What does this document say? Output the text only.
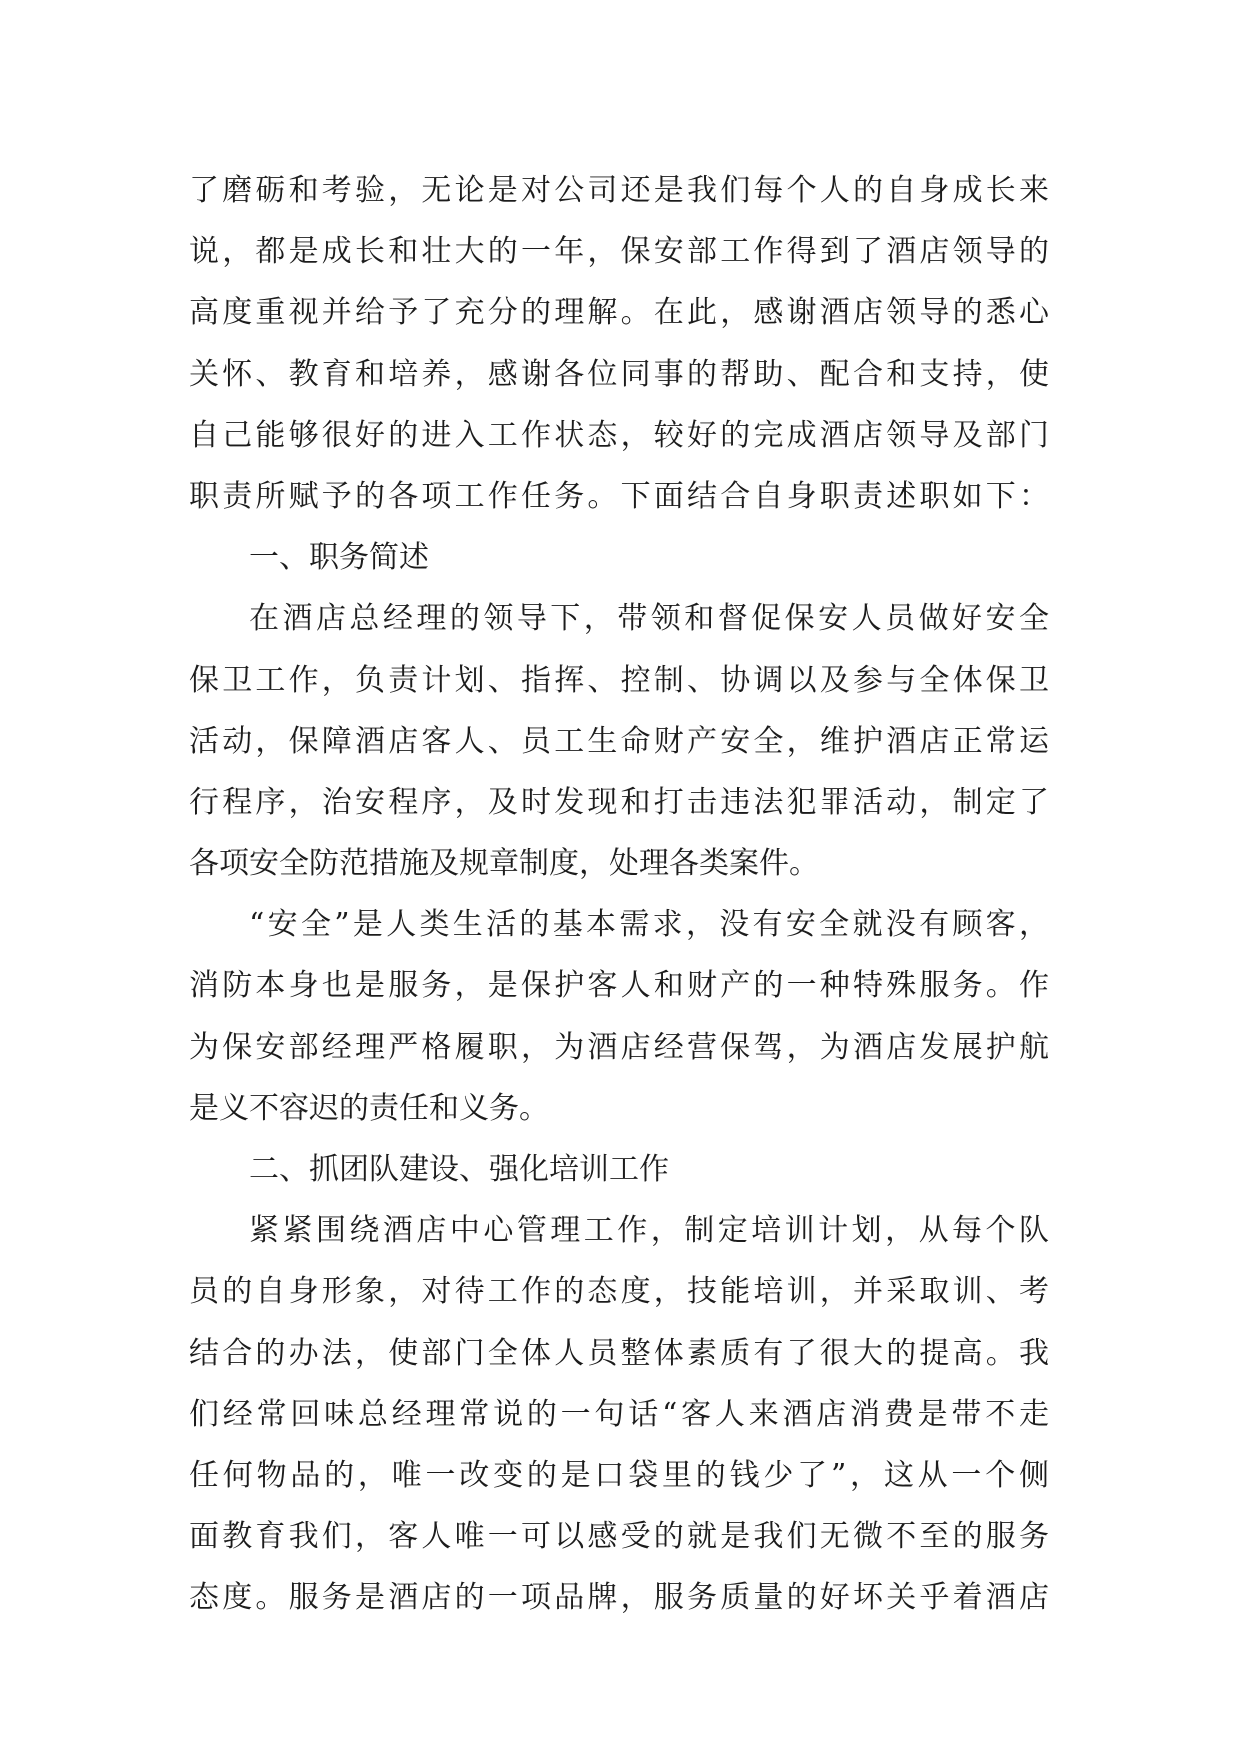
了磨砺和考验，无论是对公司还是我们每个人的自身成长来
说，都是成长和壮大的一年，保安部工作得到了酒店领导的
高度重视并给予了充分的理解。在此，感谢酒店领导的悉心
关怀、教育和培养，感谢各位同事的帮助、配合和支持，使
自己能够很好的进入工作状态，较好的完成酒店领导及部门
职责所赋予的各项工作任务。下面结合自身职责述职如下：
一、职务简述
在酒店总经理的领导下，带领和督促保安人员做好安全
保卫工作，负责计划、指挥、控制、协调以及参与全体保卫
活动，保障酒店客人、员工生命财产安全，维护酒店正常运
行程序，治安程序，及时发现和打击违法犯罪活动，制定了
各项安全防范措施及规章制度，处理各类案件。
“安全”是人类生活的基本需求，没有安全就没有顾客，
消防本身也是服务，是保护客人和财产的一种特殊服务。作
为保安部经理严格履职，为酒店经营保驾，为酒店发展护航
是义不容迟的责任和义务。
二、抓团队建设、强化培训工作
紧紧围绕酒店中心管理工作，制定培训计划，从每个队
员的自身形象，对待工作的态度，技能培训，并采取训、考
结合的办法，使部门全体人员整体素质有了很大的提高。我
们经常回味总经理常说的一句话“客人来酒店消费是带不走
任何物品的，唯一改变的是口袋里的钱少了”，这从一个侧
面教育我们，客人唯一可以感受的就是我们无微不至的服务
态度。服务是酒店的一项品牌，服务质量的好坏关乎着酒店
